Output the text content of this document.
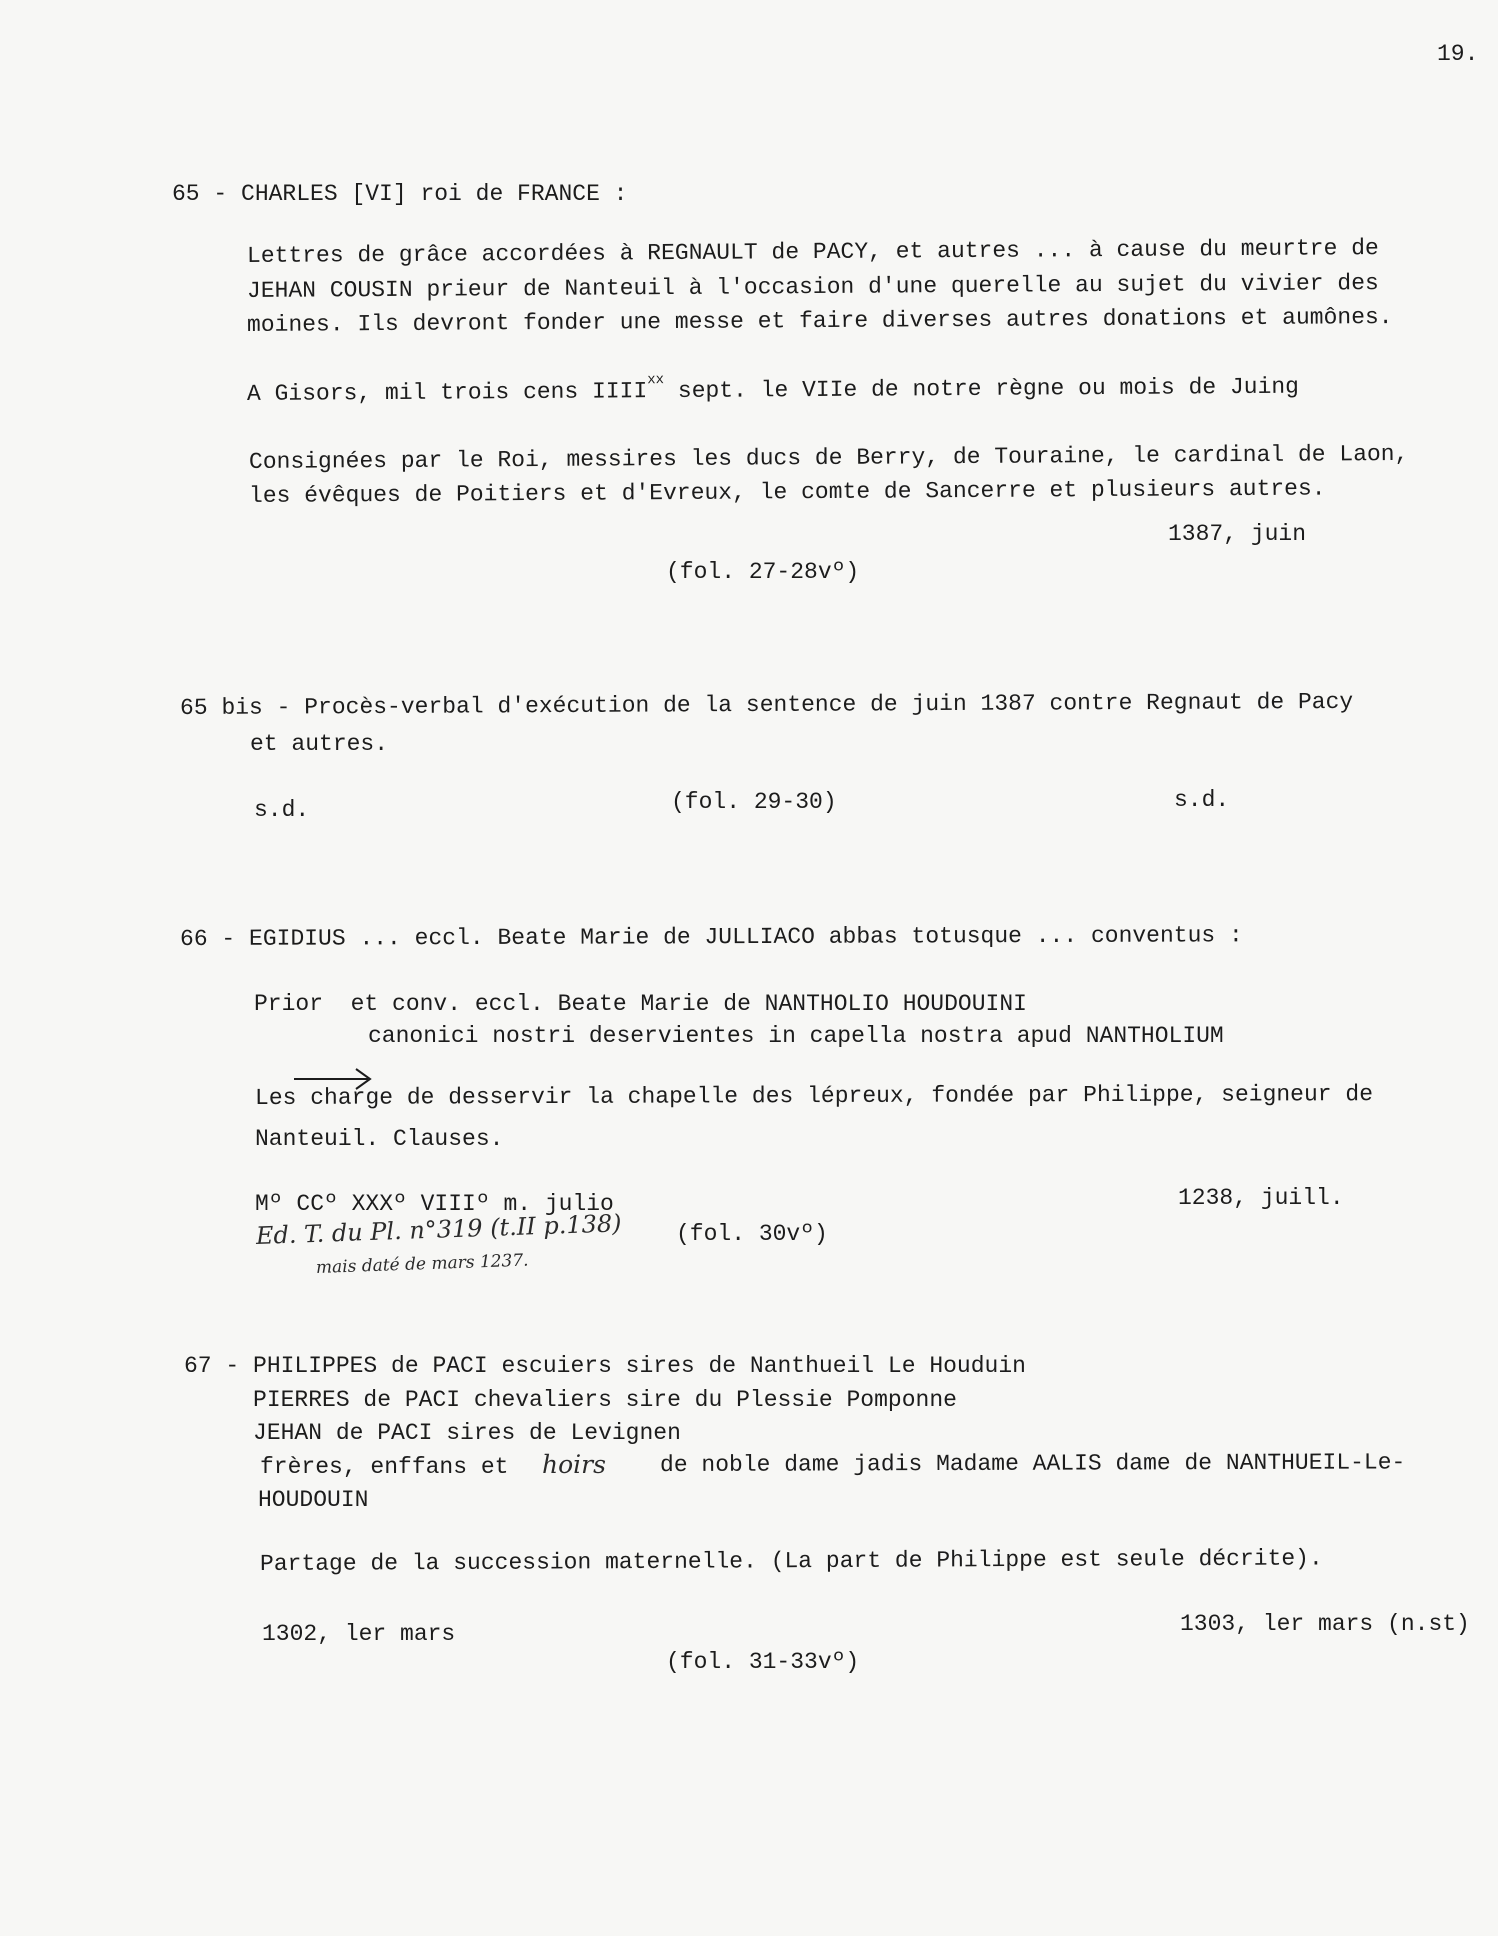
19.
65 - CHARLES [VI] roi de FRANCE :
Lettres de grâce accordées à REGNAULT de PACY, et autres ... à cause du meurtre de
JEHAN COUSIN prieur de Nanteuil à l'occasion d'une querelle au sujet du vivier des
moines. Ils devront fonder une messe et faire diverses autres donations et aumônes.
A Gisors, mil trois cens IIII$^{xx}$ sept. le VIIe de notre règne ou mois de Juing
Consignées par le Roi, messires les ducs de Berry, de Touraine, le cardinal de Laon,
les évêques de Poitiers et d'Evreux, le comte de Sancerre et plusieurs autres.
1387, juin
(fol. 27-28vº)
65 bis - Procès-verbal d'exécution de la sentence de juin 1387 contre Regnaut de Pacy
et autres.
s.d.	(fol. 29-30)	s.d.
66 - EGIDIUS ... eccl. Beate Marie de JULLIACO abbas totusque ... conventus :
Prior  et conv. eccl. Beate Marie de NANTHOLIO HOUDOUINI

canonici nostri deservientes in capella nostra apud NANTHOLIUM
Les charge de desservir la chapelle des lépreux, fondée par Philippe, seigneur de
Nanteuil. Clauses.
Mº CCº XXXº VIIIº m. julio	1238, juill.
Ed. T. du Pl. n°319 (t.II p.138) (fol. 30vº)
mais daté de mars 1237.
67 - PHILIPPES de PACI escuiers sires de Nanthueil Le Houduin
PIERRES de PACI chevaliers sire du Plessie Pomponne
JEHAN de PACI sires de Levignen
frères, enffans et hoirs de noble dame jadis Madame AALIS dame de NANTHUEIL-Le-
HOUDOUIN
Partage de la succession maternelle. (La part de Philippe est seule décrite).
1302, ler mars	1303, ler mars (n.st)
(fol. 31-33vº)
